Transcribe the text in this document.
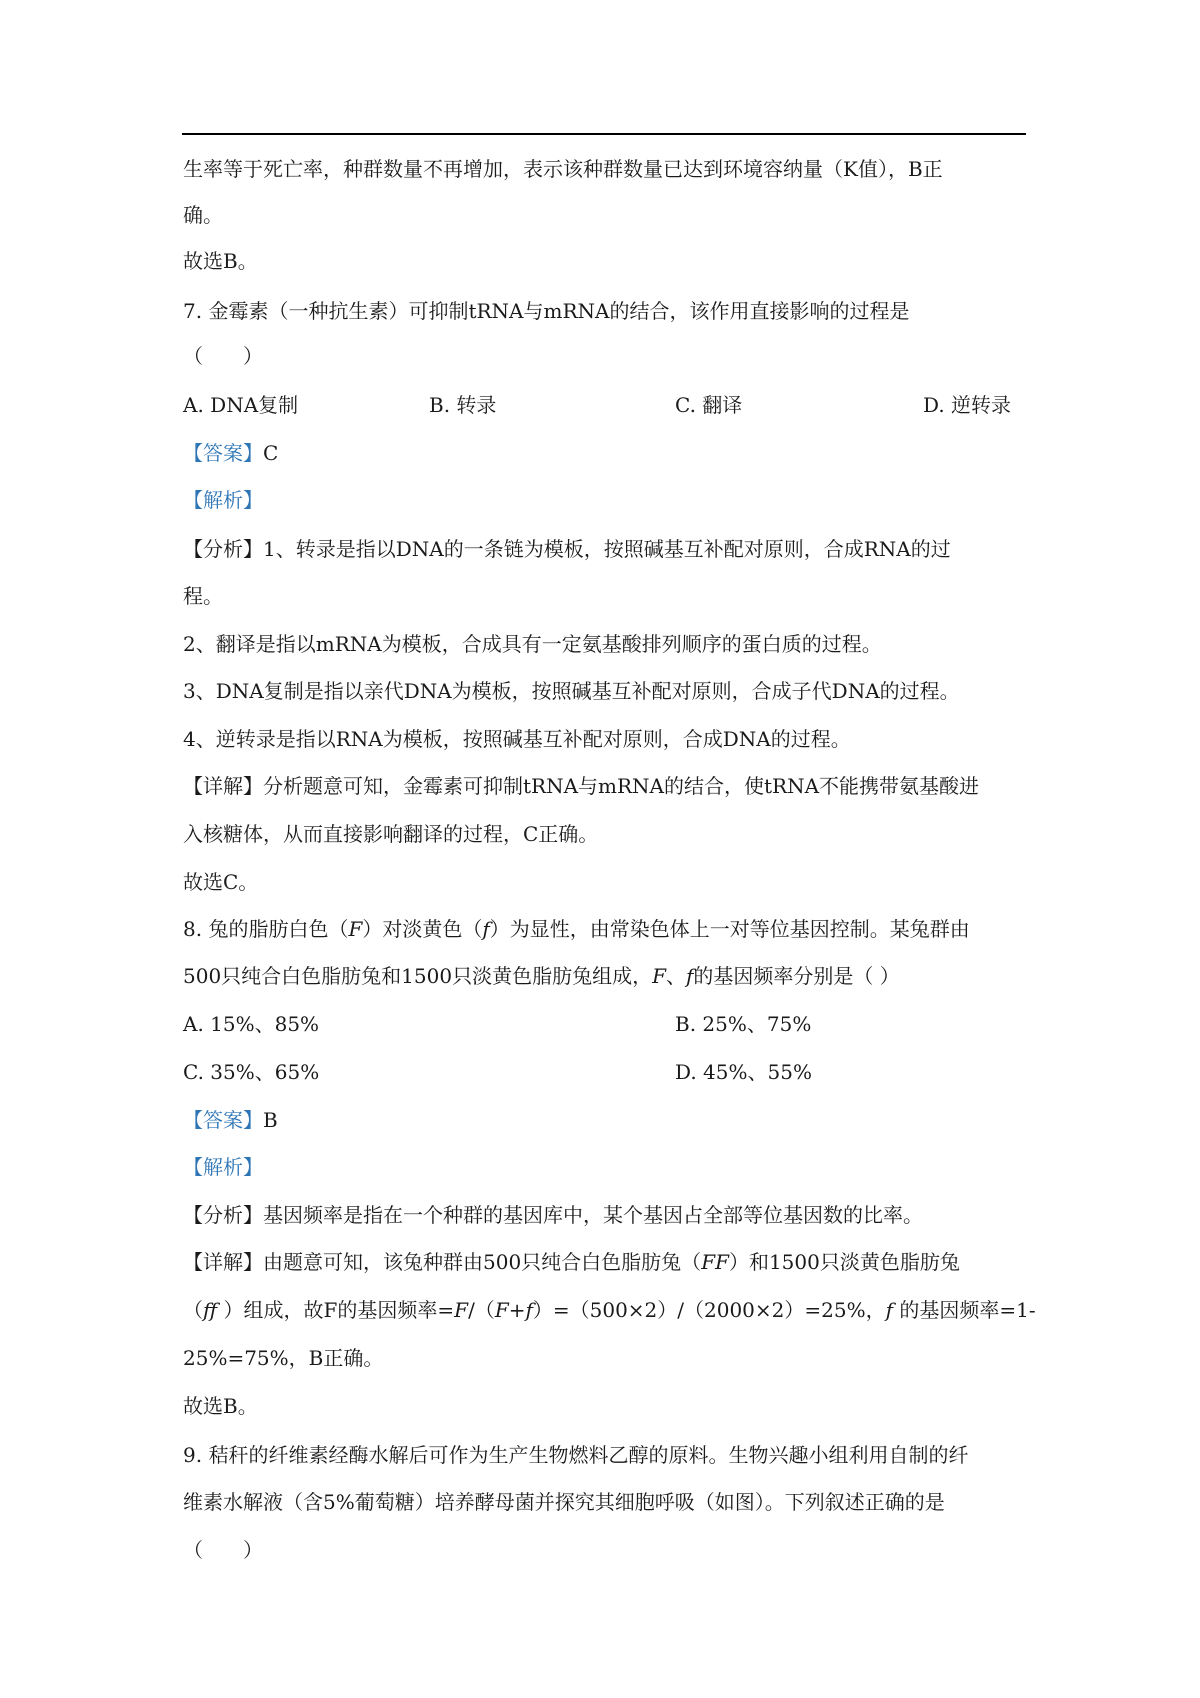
生率等于死亡率，种群数量不再增加，表示该种群数量已达到环境容纳量（K值），B正
确。
故选B。
7. 金霉素（一种抗生素）可抑制tRNA与mRNA的结合，该作用直接影响的过程是
（　　）
A. DNA复制	B. 转录	C. 翻译	D. 逆转录
【答案】C
【解析】
【分析】1、转录是指以DNA的一条链为模板，按照碱基互补配对原则，合成RNA的过
程。
2、翻译是指以mRNA为模板，合成具有一定氨基酸排列顺序的蛋白质的过程。
3、DNA复制是指以亲代DNA为模板，按照碱基互补配对原则，合成子代DNA的过程。
4、逆转录是指以RNA为模板，按照碱基互补配对原则，合成DNA的过程。
【详解】分析题意可知，金霉素可抑制tRNA与mRNA的结合，使tRNA不能携带氨基酸进
入核糖体，从而直接影响翻译的过程，C正确。
故选C。
8. 兔的脂肪白色（F）对淡黄色（f）为显性，由常染色体上一对等位基因控制。某兔群由
500只纯合白色脂肪兔和1500只淡黄色脂肪兔组成，F、f的基因频率分别是（ ）
A. 15%、85%	B. 25%、75%
C. 35%、65%	D. 45%、55%
【答案】B
【解析】
【分析】基因频率是指在一个种群的基因库中，某个基因占全部等位基因数的比率。
【详解】由题意可知，该兔种群由500只纯合白色脂肪兔（FF）和1500只淡黄色脂肪兔
（ff ）组成，故F的基因频率=F/（F+f）=（500×2）/（2000×2）=25%，f 的基因频率=1-
25%=75%，B正确。
故选B。
9. 秸秆的纤维素经酶水解后可作为生产生物燃料乙醇的原料。生物兴趣小组利用自制的纤
维素水解液（含5%葡萄糖）培养酵母菌并探究其细胞呼吸（如图）。下列叙述正确的是
（　　）
